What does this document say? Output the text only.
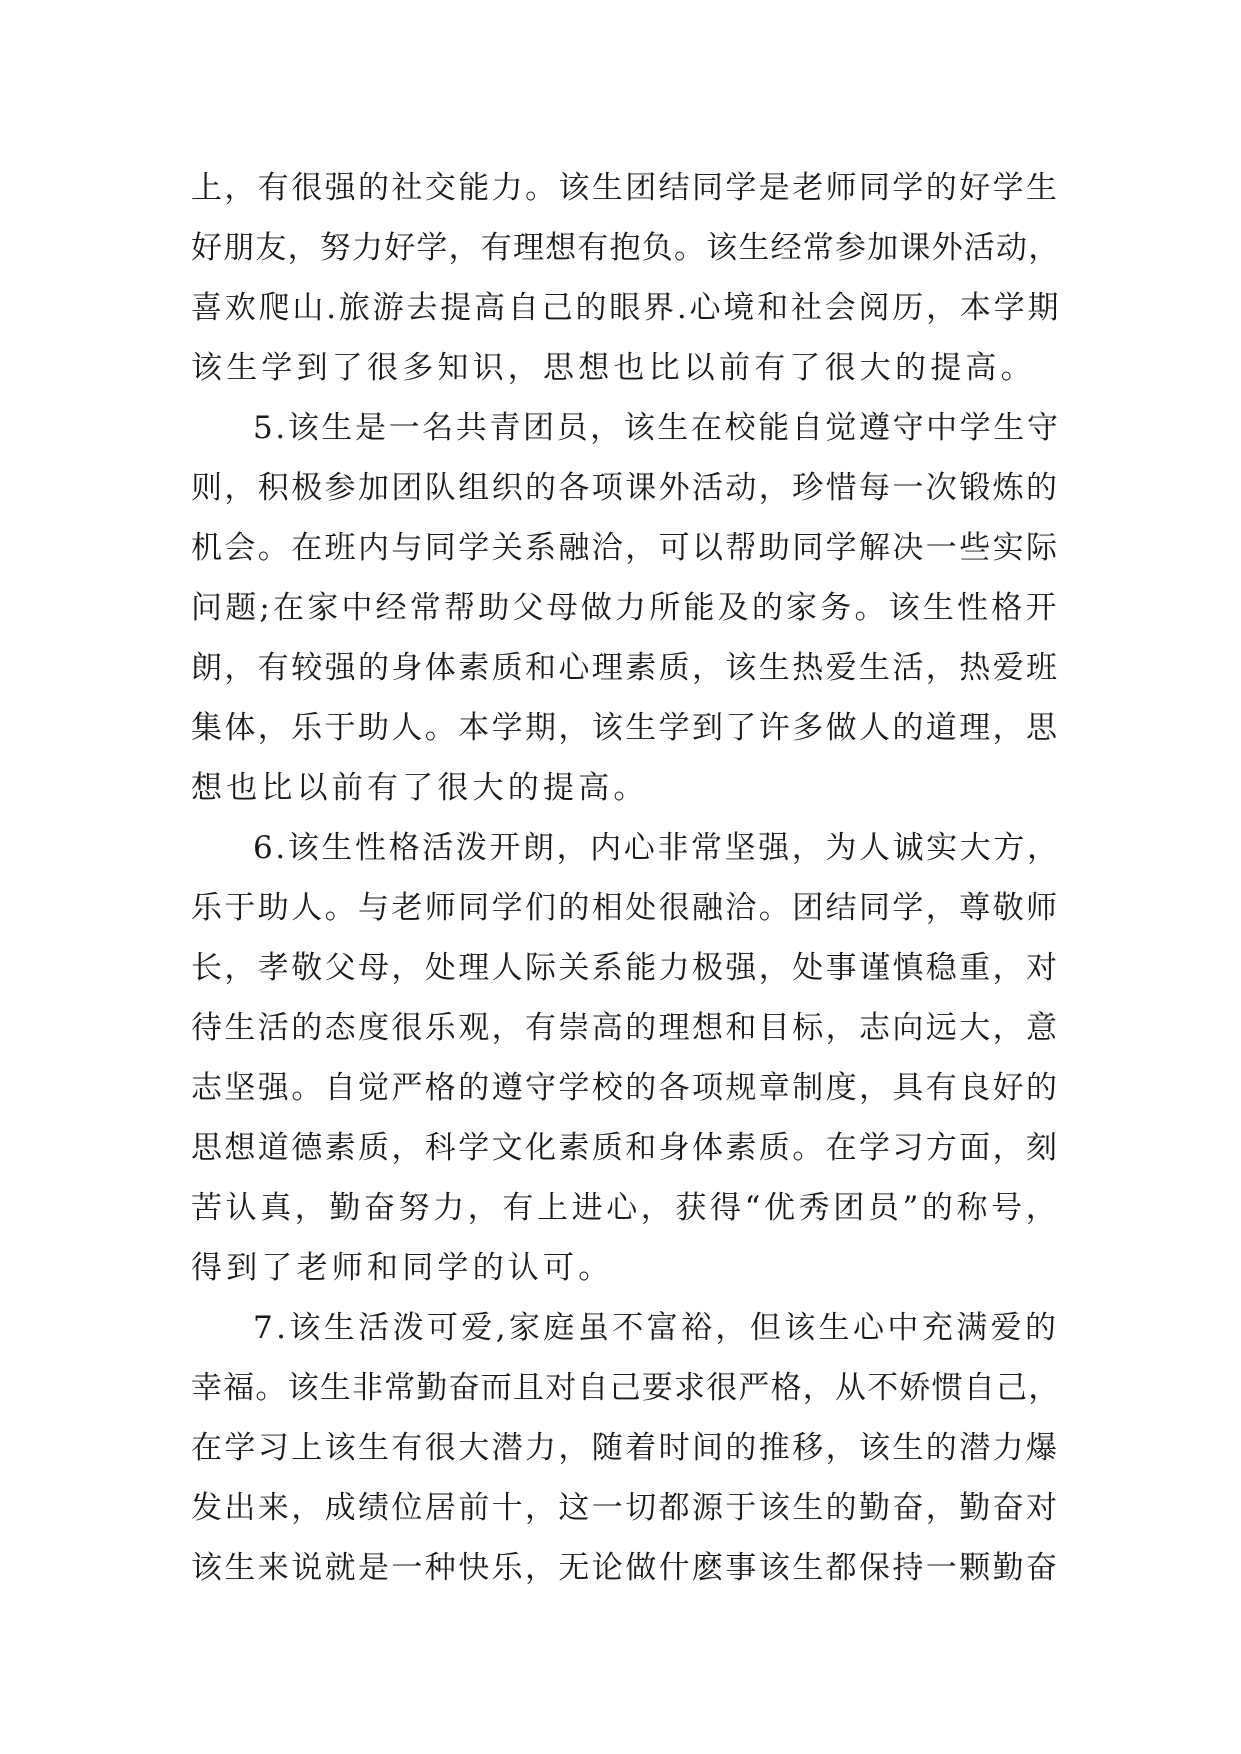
上，有很强的社交能力。该生团结同学是老师同学的好学生
好朋友，努力好学，有理想有抱负。该生经常参加课外活动，
喜欢爬山.旅游去提高自己的眼界.心境和社会阅历，本学期
该生学到了很多知识，思想也比以前有了很大的提高。
5.该生是一名共青团员，该生在校能自觉遵守中学生守
则，积极参加团队组织的各项课外活动，珍惜每一次锻炼的
机会。在班内与同学关系融洽，可以帮助同学解决一些实际
问题;在家中经常帮助父母做力所能及的家务。该生性格开
朗，有较强的身体素质和心理素质，该生热爱生活，热爱班
集体，乐于助人。本学期，该生学到了许多做人的道理，思
想也比以前有了很大的提高。
6.该生性格活泼开朗，内心非常坚强，为人诚实大方，
乐于助人。与老师同学们的相处很融洽。团结同学，尊敬师
长，孝敬父母，处理人际关系能力极强，处事谨慎稳重，对
待生活的态度很乐观，有崇高的理想和目标，志向远大，意
志坚强。自觉严格的遵守学校的各项规章制度，具有良好的
思想道德素质，科学文化素质和身体素质。在学习方面，刻
苦认真，勤奋努力，有上进心，获得“优秀团员”的称号，
得到了老师和同学的认可。
7.该生活泼可爱,家庭虽不富裕，但该生心中充满爱的
幸福。该生非常勤奋而且对自己要求很严格，从不娇惯自己，
在学习上该生有很大潜力，随着时间的推移，该生的潜力爆
发出来，成绩位居前十，这一切都源于该生的勤奋，勤奋对
该生来说就是一种快乐，无论做什麽事该生都保持一颗勤奋
